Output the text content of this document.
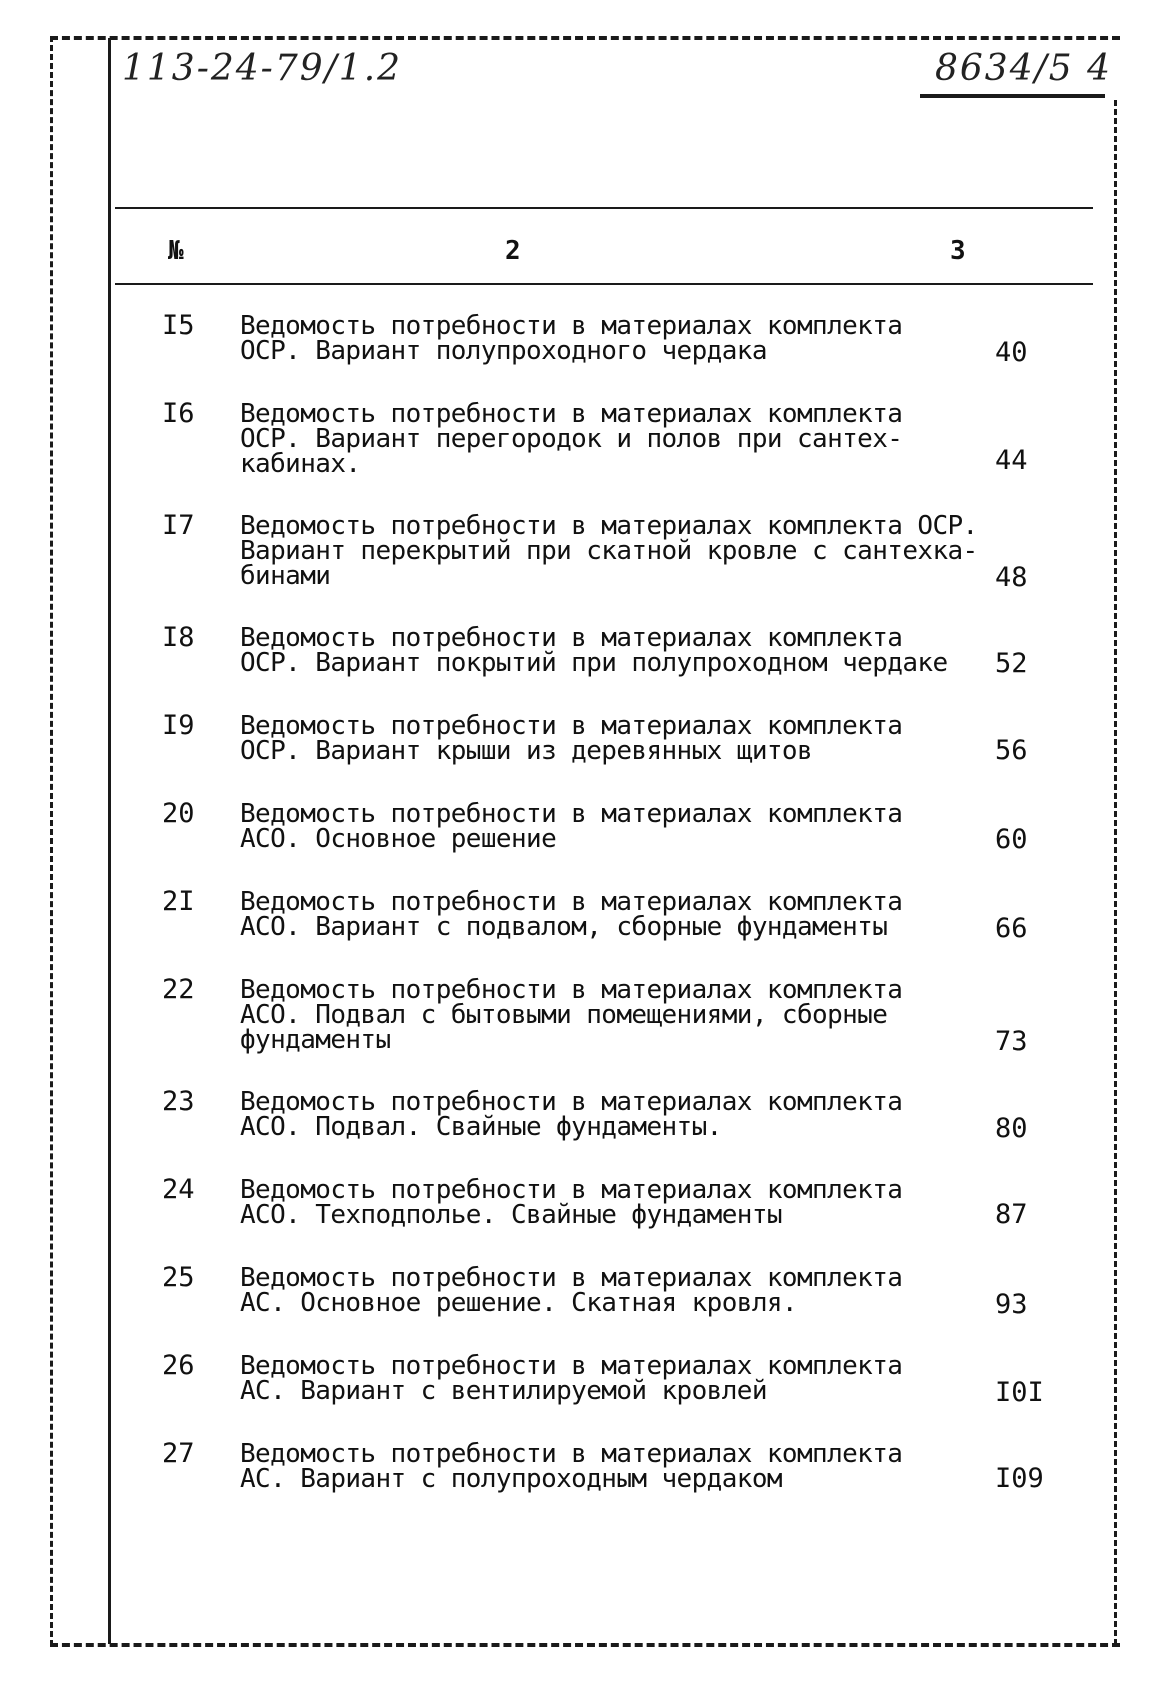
113-24-79/1.2	8634/5 4
№	2	3
I5	Ведомость потребности в материалах комплекта
ОСР. Вариант полупроходного чердака	40
I6	Ведомость потребности в материалах комплекта
ОСР. Вариант перегородок и полов при сантех-
кабинах.	44
I7	Ведомость потребности в материалах комплекта ОСР.
Вариант перекрытий при скатной кровле с сантехка-
бинами	48
I8	Ведомость потребности в материалах комплекта
ОСР. Вариант покрытий при полупроходном чердаке	52
I9	Ведомость потребности в материалах комплекта
ОСР. Вариант крыши из деревянных щитов	56
20	Ведомость потребности в материалах комплекта
АСО. Основное решение	60
2I	Ведомость потребности в материалах комплекта
АСО. Вариант с подвалом, сборные фундаменты	66
22	Ведомость потребности в материалах комплекта
АСО. Подвал с бытовыми помещениями, сборные
фундаменты	73
23	Ведомость потребности в материалах комплекта
АСО. Подвал. Свайные фундаменты.	80
24	Ведомость потребности в материалах комплекта
АСО. Техподполье. Свайные фундаменты	87
25	Ведомость потребности в материалах комплекта
АС. Основное решение. Скатная кровля.	93
26	Ведомость потребности в материалах комплекта
АС. Вариант с вентилируемой кровлей	I0I
27	Ведомость потребности в материалах комплекта
АС. Вариант с полупроходным чердаком	I09
